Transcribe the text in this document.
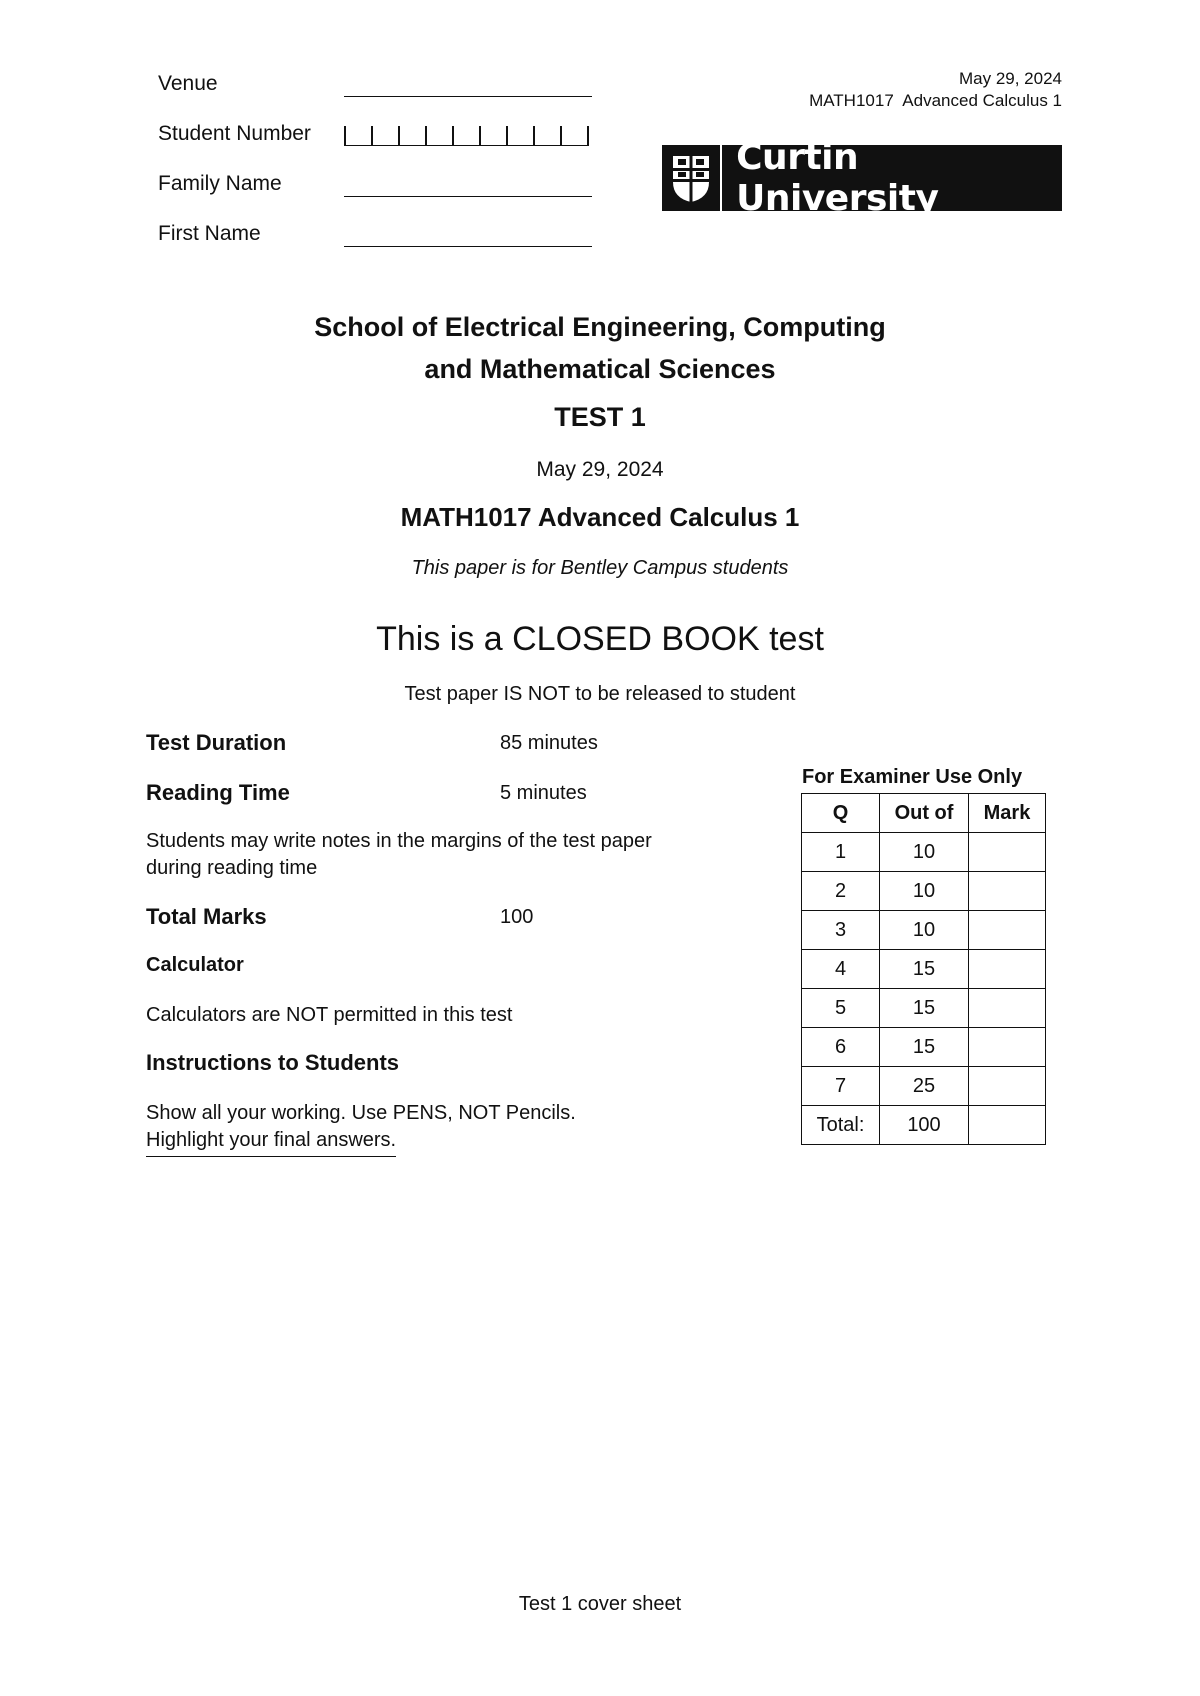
Venue
Student Number
Family Name
First Name
May 29, 2024
MATH1017  Advanced Calculus 1
Curtin University
School of Electrical Engineering, Computing
and Mathematical Sciences
TEST 1
May 29, 2024
MATH1017 Advanced Calculus 1
This paper is for Bentley Campus students
This is a CLOSED BOOK test
Test paper IS NOT to be released to student
Test Duration	85 minutes
Reading Time	5 minutes
Students may write notes in the margins of the test paper
during reading time
Total Marks	100
Calculator
Calculators are NOT permitted in this test
Instructions to Students
Show all your working. Use PENS, NOT Pencils.
Highlight your final answers.
For Examiner Use Only
Q	Out of	Mark
1	10	
2	10	
3	10	
4	15	
5	15	
6	15	
7	25	
Total:	100	
Test 1 cover sheet
